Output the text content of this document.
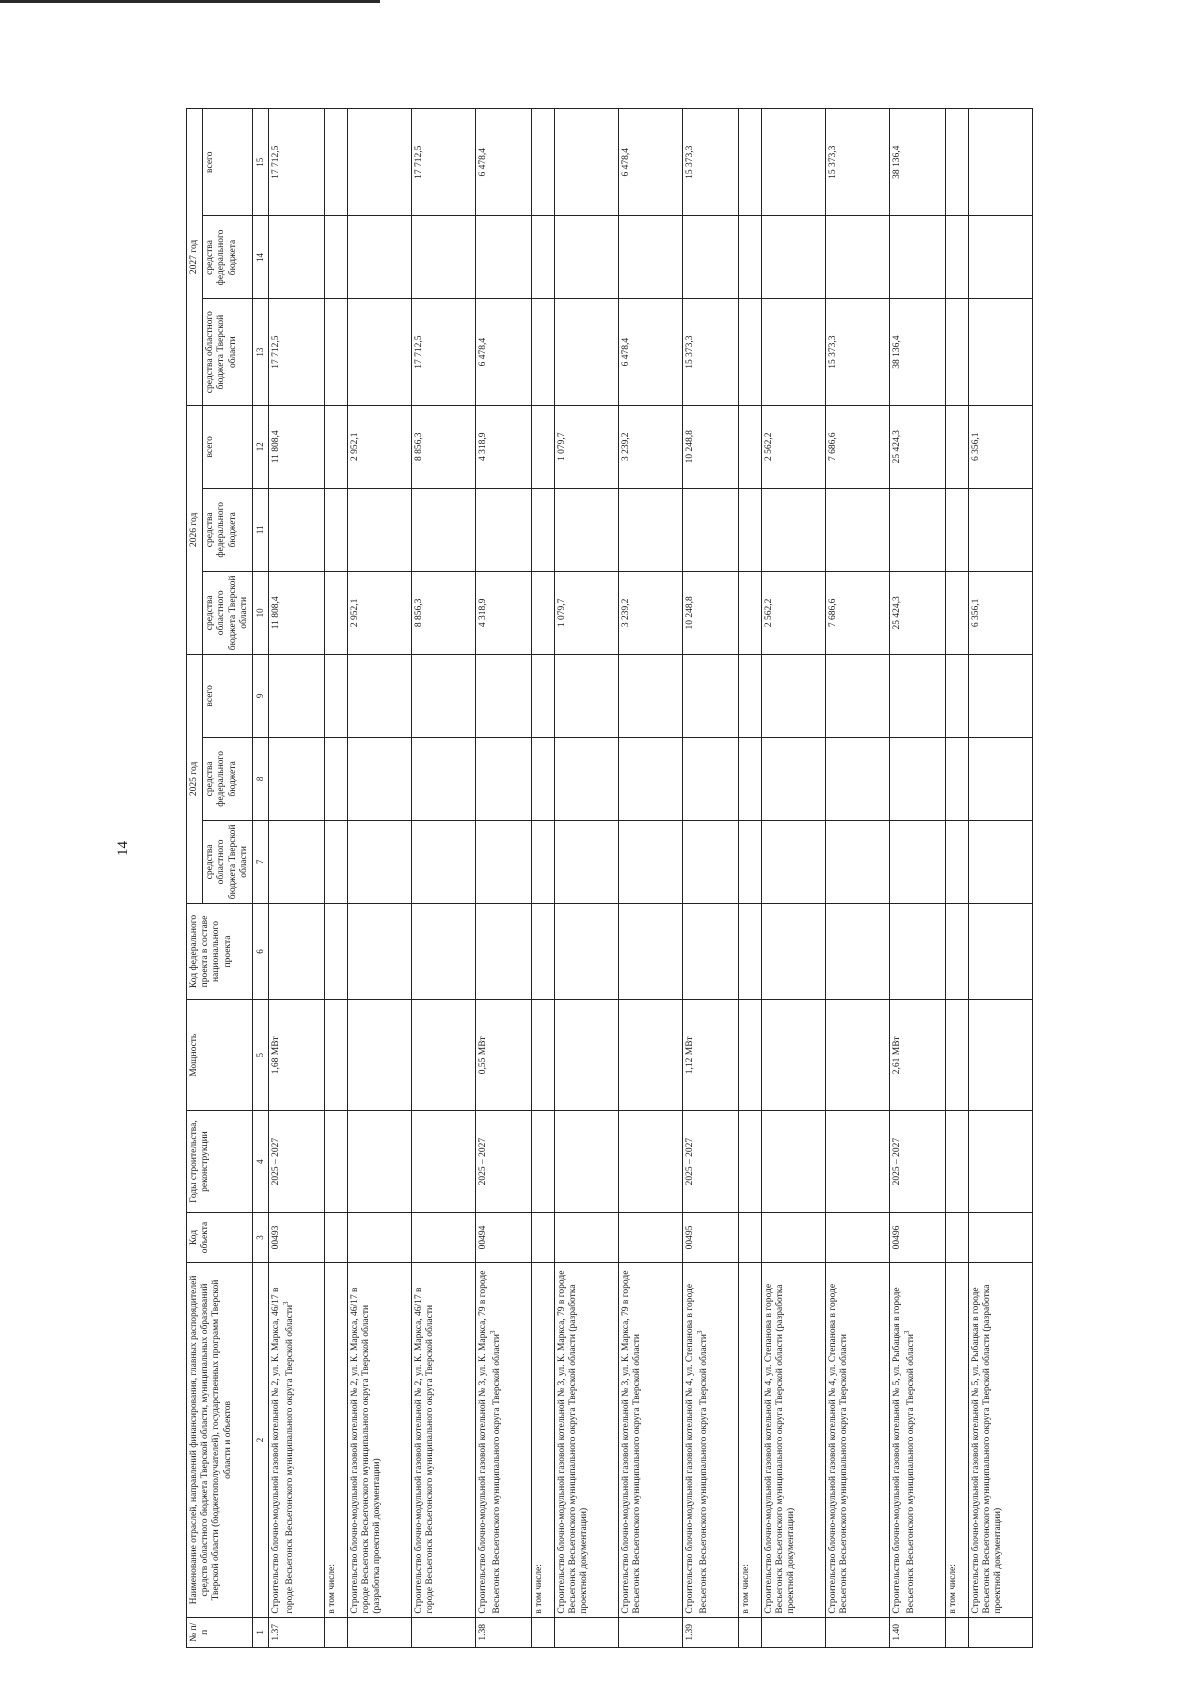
14
№ п/п	Наименование отраслей, направлений финансирования, главных распорядителей средств областного бюджета Тверской области, муниципальных образований Тверской области (бюджетополучателей), государственных программ Тверской области и объектов	Код объекта	Годы строительства, реконструкции	Мощность	Код федерального проекта в составе национального проекта	2025 год			2026 год			2027 год		
						средства областного бюджета Тверской области	средства федерального бюджета	всего	средства областного бюджета Тверской области	средства федерального бюджета	всего	средства областного бюджета Тверской области	средства федерального бюджета	всего
1	2	3	4	5	6	7	8	9	10	11	12	13	14	15
1.37	Строительство блочно-модульной газовой котельной № 2, ул. К. Маркса, 46/17 в городе Весьегонск Весьегонского муниципального округа Тверской области$^3$	00493	2025 – 2027	1,68 МВт					11 808,4		11 808,4	17 712,5		17 712,5
	в том числе:													
	Строительство блочно-модульной газовой котельной № 2, ул. К. Маркса, 46/17 в городе Весьегонск Весьегонского муниципального округа Тверской области (разработка проектной документации)								2 952,1		2 952,1			
	Строительство блочно-модульной газовой котельной № 2, ул. К. Маркса, 46/17 в городе Весьегонск Весьегонского муниципального округа Тверской области								8 856,3		8 856,3	17 712,5		17 712,5
1.38	Строительство блочно-модульной газовой котельной № 3, ул. К. Маркса, 79 в городе Весьегонск Весьегонского муниципального округа Тверской области$^3$	00494	2025 – 2027	0,55 МВт					4 318,9		4 318,9	6 478,4		6 478,4
	в том числе:													
	Строительство блочно-модульной газовой котельной № 3, ул. К. Маркса, 79 в городе Весьегонск Весьегонского муниципального округа Тверской области (разработка проектной документации)								1 079,7		1 079,7			
	Строительство блочно-модульной газовой котельной № 3, ул. К. Маркса, 79 в городе Весьегонск Весьегонского муниципального округа Тверской области								3 239,2		3 239,2	6 478,4		6 478,4
1.39	Строительство блочно-модульной газовой котельной № 4, ул. Степанова в городе Весьегонск Весьегонского муниципального округа Тверской области$^3$	00495	2025 – 2027	1,12 МВт					10 248,8		10 248,8	15 373,3		15 373,3
	в том числе:													
	Строительство блочно-модульной газовой котельной № 4, ул. Степанова в городе Весьегонск Весьегонского муниципального округа Тверской области (разработка проектной документации)								2 562,2		2 562,2			
	Строительство блочно-модульной газовой котельной № 4, ул. Степанова в городе Весьегонск Весьегонского муниципального округа Тверской области								7 686,6		7 686,6	15 373,3		15 373,3
1.40	Строительство блочно-модульной газовой котельной № 5, ул. Рыбацкая в городе Весьегонск Весьегонского муниципального округа Тверской области$^3$	00496	2025 – 2027	2,61 МВт					25 424,3		25 424,3	38 136,4		38 136,4
	в том числе:													
	Строительство блочно-модульной газовой котельной № 5, ул. Рыбацкая в городе Весьегонск Весьегонского муниципального округа Тверской области (разработка проектной документации)								6 356,1		6 356,1			
